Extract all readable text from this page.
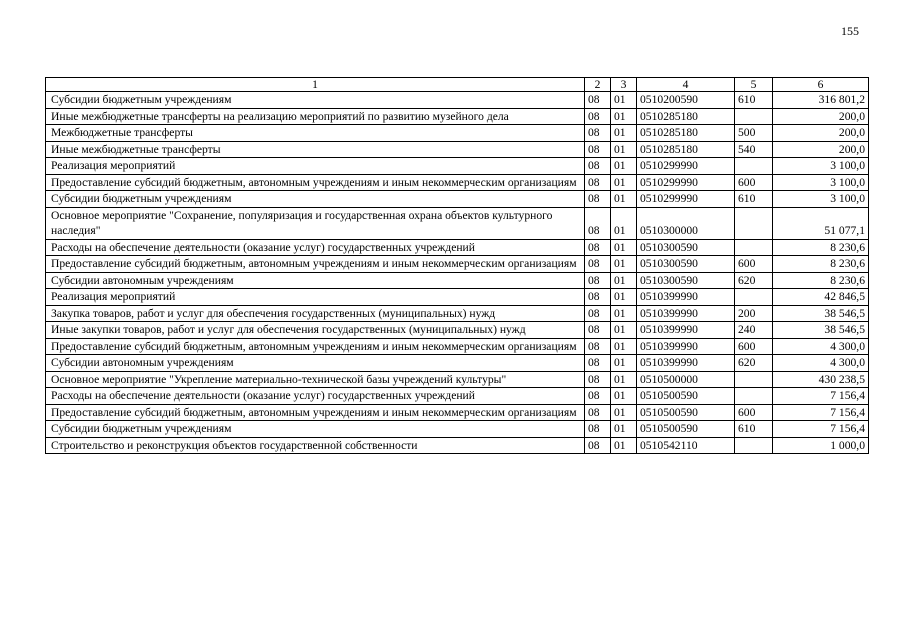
155
1	2	3	4	5	6
Субсидии бюджетным учреждениям	08	01	0510200590	610	316 801,2
Иные межбюджетные трансферты на реализацию мероприятий по развитию музейного дела	08	01	0510285180		200,0
Межбюджетные трансферты	08	01	0510285180	500	200,0
Иные межбюджетные трансферты	08	01	0510285180	540	200,0
Реализация мероприятий	08	01	0510299990		3 100,0
Предоставление субсидий бюджетным, автономным учреждениям и иным некоммерческим организациям	08	01	0510299990	600	3 100,0
Субсидии бюджетным учреждениям	08	01	0510299990	610	3 100,0
Основное мероприятие "Сохранение, популяризация и государственная охрана объектов культурного наследия"	08	01	0510300000		51 077,1
Расходы на обеспечение деятельности (оказание услуг) государственных учреждений	08	01	0510300590		8 230,6
Предоставление субсидий бюджетным, автономным учреждениям и иным некоммерческим организациям	08	01	0510300590	600	8 230,6
Субсидии автономным учреждениям	08	01	0510300590	620	8 230,6
Реализация мероприятий	08	01	0510399990		42 846,5
Закупка товаров, работ и услуг для обеспечения государственных (муниципальных) нужд	08	01	0510399990	200	38 546,5
Иные закупки товаров, работ и услуг для обеспечения государственных (муниципальных) нужд	08	01	0510399990	240	38 546,5
Предоставление субсидий бюджетным, автономным учреждениям и иным некоммерческим организациям	08	01	0510399990	600	4 300,0
Субсидии автономным учреждениям	08	01	0510399990	620	4 300,0
Основное мероприятие "Укрепление материально-технической базы учреждений культуры"	08	01	0510500000		430 238,5
Расходы на обеспечение деятельности (оказание услуг) государственных учреждений	08	01	0510500590		7 156,4
Предоставление субсидий бюджетным, автономным учреждениям и иным некоммерческим организациям	08	01	0510500590	600	7 156,4
Субсидии бюджетным учреждениям	08	01	0510500590	610	7 156,4
Строительство и реконструкция объектов государственной собственности	08	01	0510542110		1 000,0
